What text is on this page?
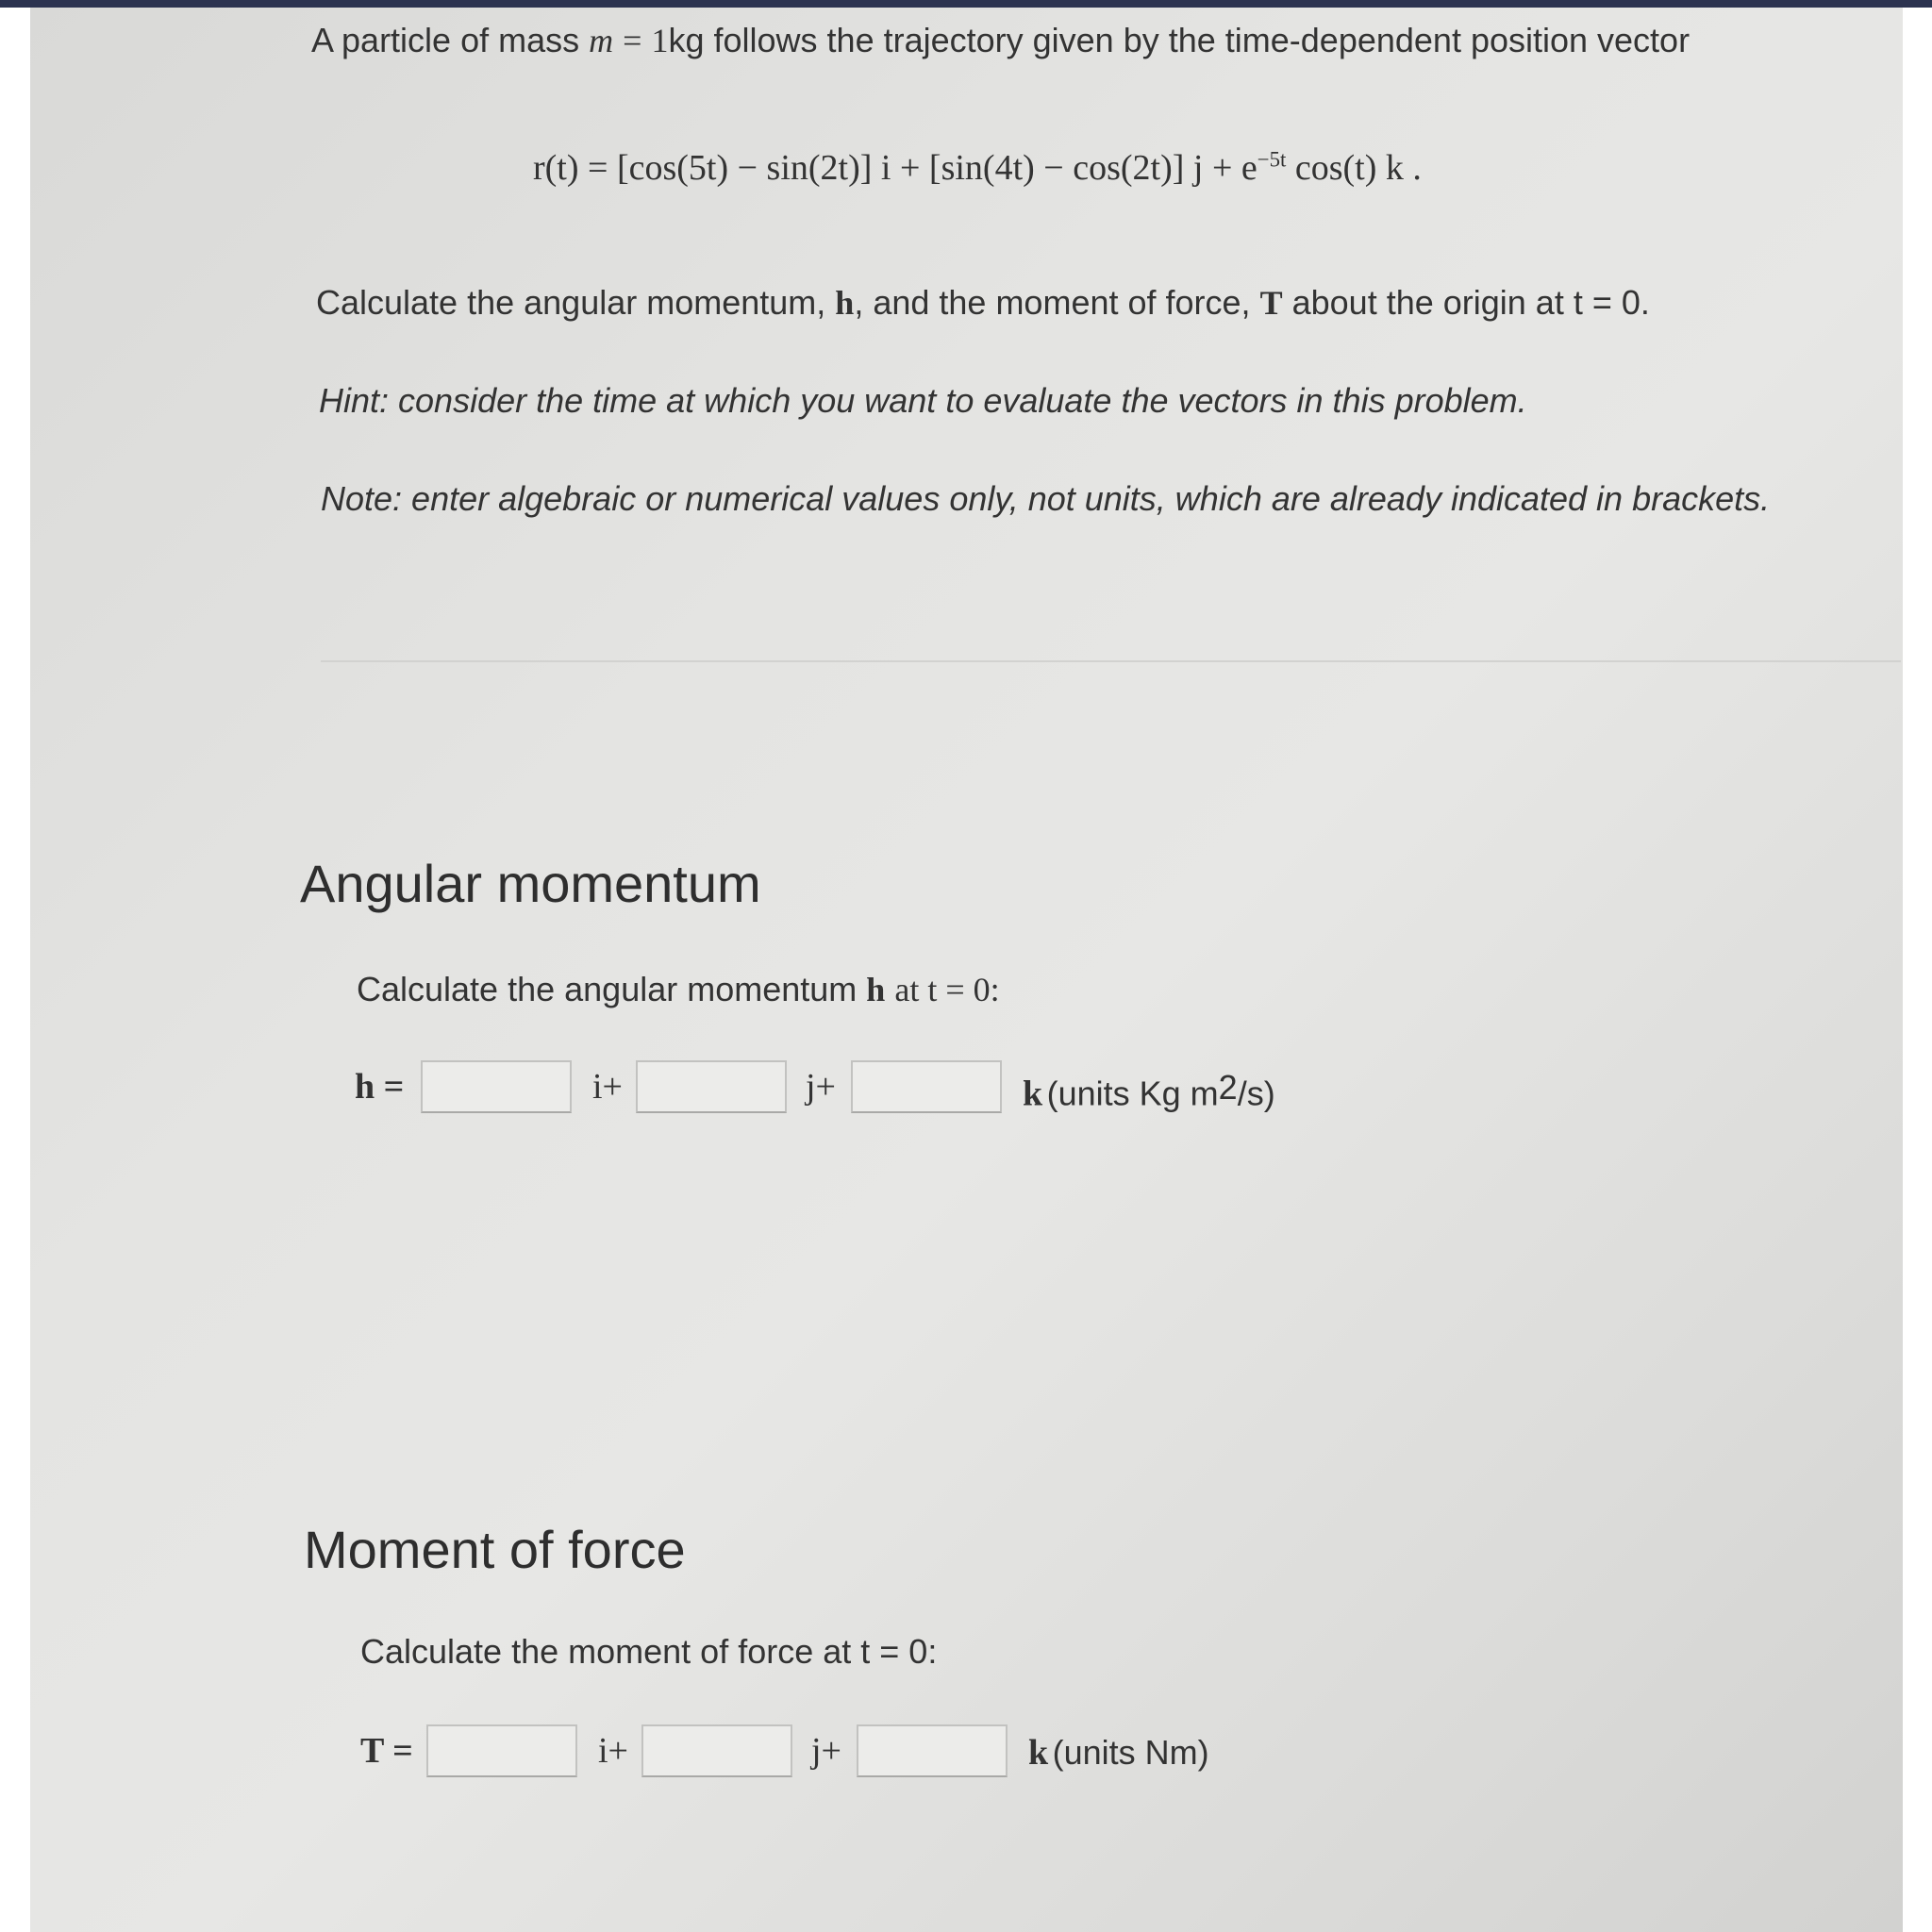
A particle of mass m = 1kg follows the trajectory given by the time-dependent position vector
r(t) = [cos(5t) − sin(2t)] i + [sin(4t) − cos(2t)] $j + e^{-5t}$ cos(t) k .
Calculate the angular momentum, h, and the moment of force, T about the origin at t = 0.
Hint: consider the time at which you want to evaluate the vectors in this problem.
Note: enter algebraic or numerical values only, not units, which are already indicated in brackets.
Angular momentum
Calculate the angular momentum h at t = 0:
h =	i+	j+	k (units Kg $m^2/s$)
Moment of force
Calculate the moment of force at t = 0:
T =	i+	j+	k (units Nm)
